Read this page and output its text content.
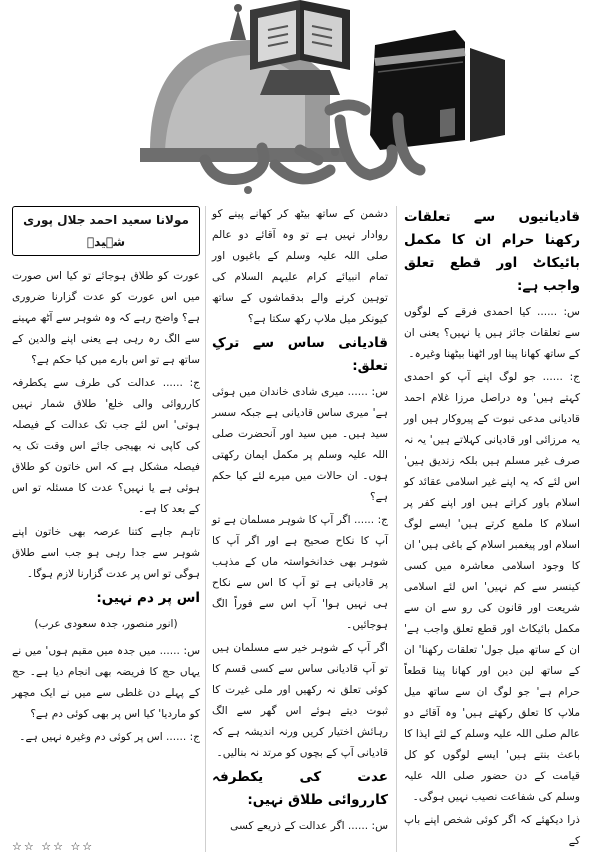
قادیانیوں سے تعلقات رکھنا حرام ان کا مکمل بائیکاٹ اور قطع تعلق واجب ہے:
س: ...... کیا احمدی فرقے کے لوگوں سے تعلقات جائز ہیں یا نہیں؟ یعنی ان کے ساتھ کھانا پینا اور اٹھنا بیٹھنا وغیرہ۔
ج: ...... جو لوگ اپنے آپ کو احمدی کہتے ہیں' وہ دراصل مرزا غلام احمد قادیانی مدعی نبوت کے پیروکار ہیں اور یہ مرزائی اور قادیانی کہلاتے ہیں' یہ نہ صرف غیر مسلم ہیں بلکہ زندیق ہیں' اس لئے کہ یہ اپنے غیر اسلامی عقائد کو اسلام باور کراتے ہیں اور اپنے کفر پر اسلام کا ملمع کرتے ہیں' ایسے لوگ اسلام اور پیغمبر اسلام کے باغی ہیں' ان کا وجود اسلامی معاشرہ میں کسی کینسر سے کم نہیں' اس لئے اسلامی شریعت اور قانون کی رو سے ان سے مکمل بائیکاٹ اور قطع تعلق واجب ہے' ان کے ساتھ میل جول' تعلقات رکھنا' ان کے ساتھ لین دین اور کھانا پینا قطعاً حرام ہے' جو لوگ ان سے ساتھ میل ملاپ کا تعلق رکھتے ہیں' وہ آقائے دو عالم صلی اللہ علیہ وسلم کے لئے ایذا کا باعث بنتے ہیں' ایسے لوگوں کو کل قیامت کے دن حضور صلی اللہ علیہ وسلم کی شفاعت نصیب نہیں ہوگی۔
ذرا دیکھئے کہ اگر کوئی شخص اپنے باپ کے
دشمن کے ساتھ بیٹھ کر کھانے پینے کو روادار نہیں ہے تو وہ آقائے دو عالم صلی اللہ علیہ وسلم کے باغیوں اور تمام انبیائے کرام علیہم السلام کی توہین کرنے والے بدقماشوں کے ساتھ کیونکر میل ملاپ رکھ سکتا ہے؟
قادیانی ساس سے ترکِ تعلق:
س: ...... میری شادی خاندان میں ہوئی ہے' میری ساس قادیانی ہے جبکہ سسر سید ہیں۔ میں سید اور آنحضرت صلی اللہ علیہ وسلم پر مکمل ایمان رکھتی ہوں۔ ان حالات میں میرے لئے کیا حکم ہے؟
ج: ...... اگر آپ کا شوہر مسلمان ہے تو آپ کا نکاح صحیح ہے اور اگر آپ کا شوہر بھی خدانخواستہ ماں کے مذہب پر قادیانی ہے تو آپ کا اس سے نکاح ہی نہیں ہوا' آپ اس سے فوراً الگ ہوجائیں۔
اگر آپ کے شوہر خیر سے مسلمان ہیں تو آپ قادیانی ساس سے کسی قسم کا کوئی تعلق نہ رکھیں اور ملی غیرت کا ثبوت دیتے ہوئے اس گھر سے الگ رہائش اختیار کریں ورنہ اندیشہ ہے کہ قادیانی آپ کے بچوں کو مرتد نہ بنالیں۔
عدت کی یکطرفہ کارروائی طلاق نہیں:
س: ...... اگر عدالت کے ذریعے کسی
مولانا سعید احمد جلال پوری شہیدؒ
عورت کو طلاق ہوجائے تو کیا اس صورت میں اس عورت کو عدت گزارنا ضروری ہے؟ واضح رہے کہ وہ شوہر سے آٹھ مہینے سے الگ رہ رہی ہے یعنی اپنے والدین کے ساتھ ہے تو اس بارے میں کیا حکم ہے؟
ج: ...... عدالت کی طرف سے یکطرفہ کارروائی والی خلع' طلاق شمار نہیں ہوتی' اس لئے جب تک عدالت کے فیصلہ کی کاپی نہ بھیجی جائے اس وقت تک یہ فیصلہ مشکل ہے کہ اس خاتون کو طلاق ہوئی ہے یا نہیں؟ عدت کا مسئلہ تو اس کے بعد کا ہے۔
تاہم جاہے کتنا عرصہ بھی خاتون اپنے شوہر سے جدا رہی ہو جب اسے طلاق ہوگی تو اس پر عدت گزارنا لازم ہوگا۔
اس پر دم نہیں:
(انور منصور، جدہ سعودی عرب)
س: ...... میں جدہ میں مقیم ہوں' میں نے یہاں حج کا فریضہ بھی انجام دیا ہے۔ حج کے پہلے دن غلطی سے میں نے ایک مچھر کو ماردیا' کیا اس پر بھی کوئی دم ہے؟
ج: ...... اس پر کوئی دم وغیرہ نہیں ہے۔
☆☆ ☆☆ ☆☆
